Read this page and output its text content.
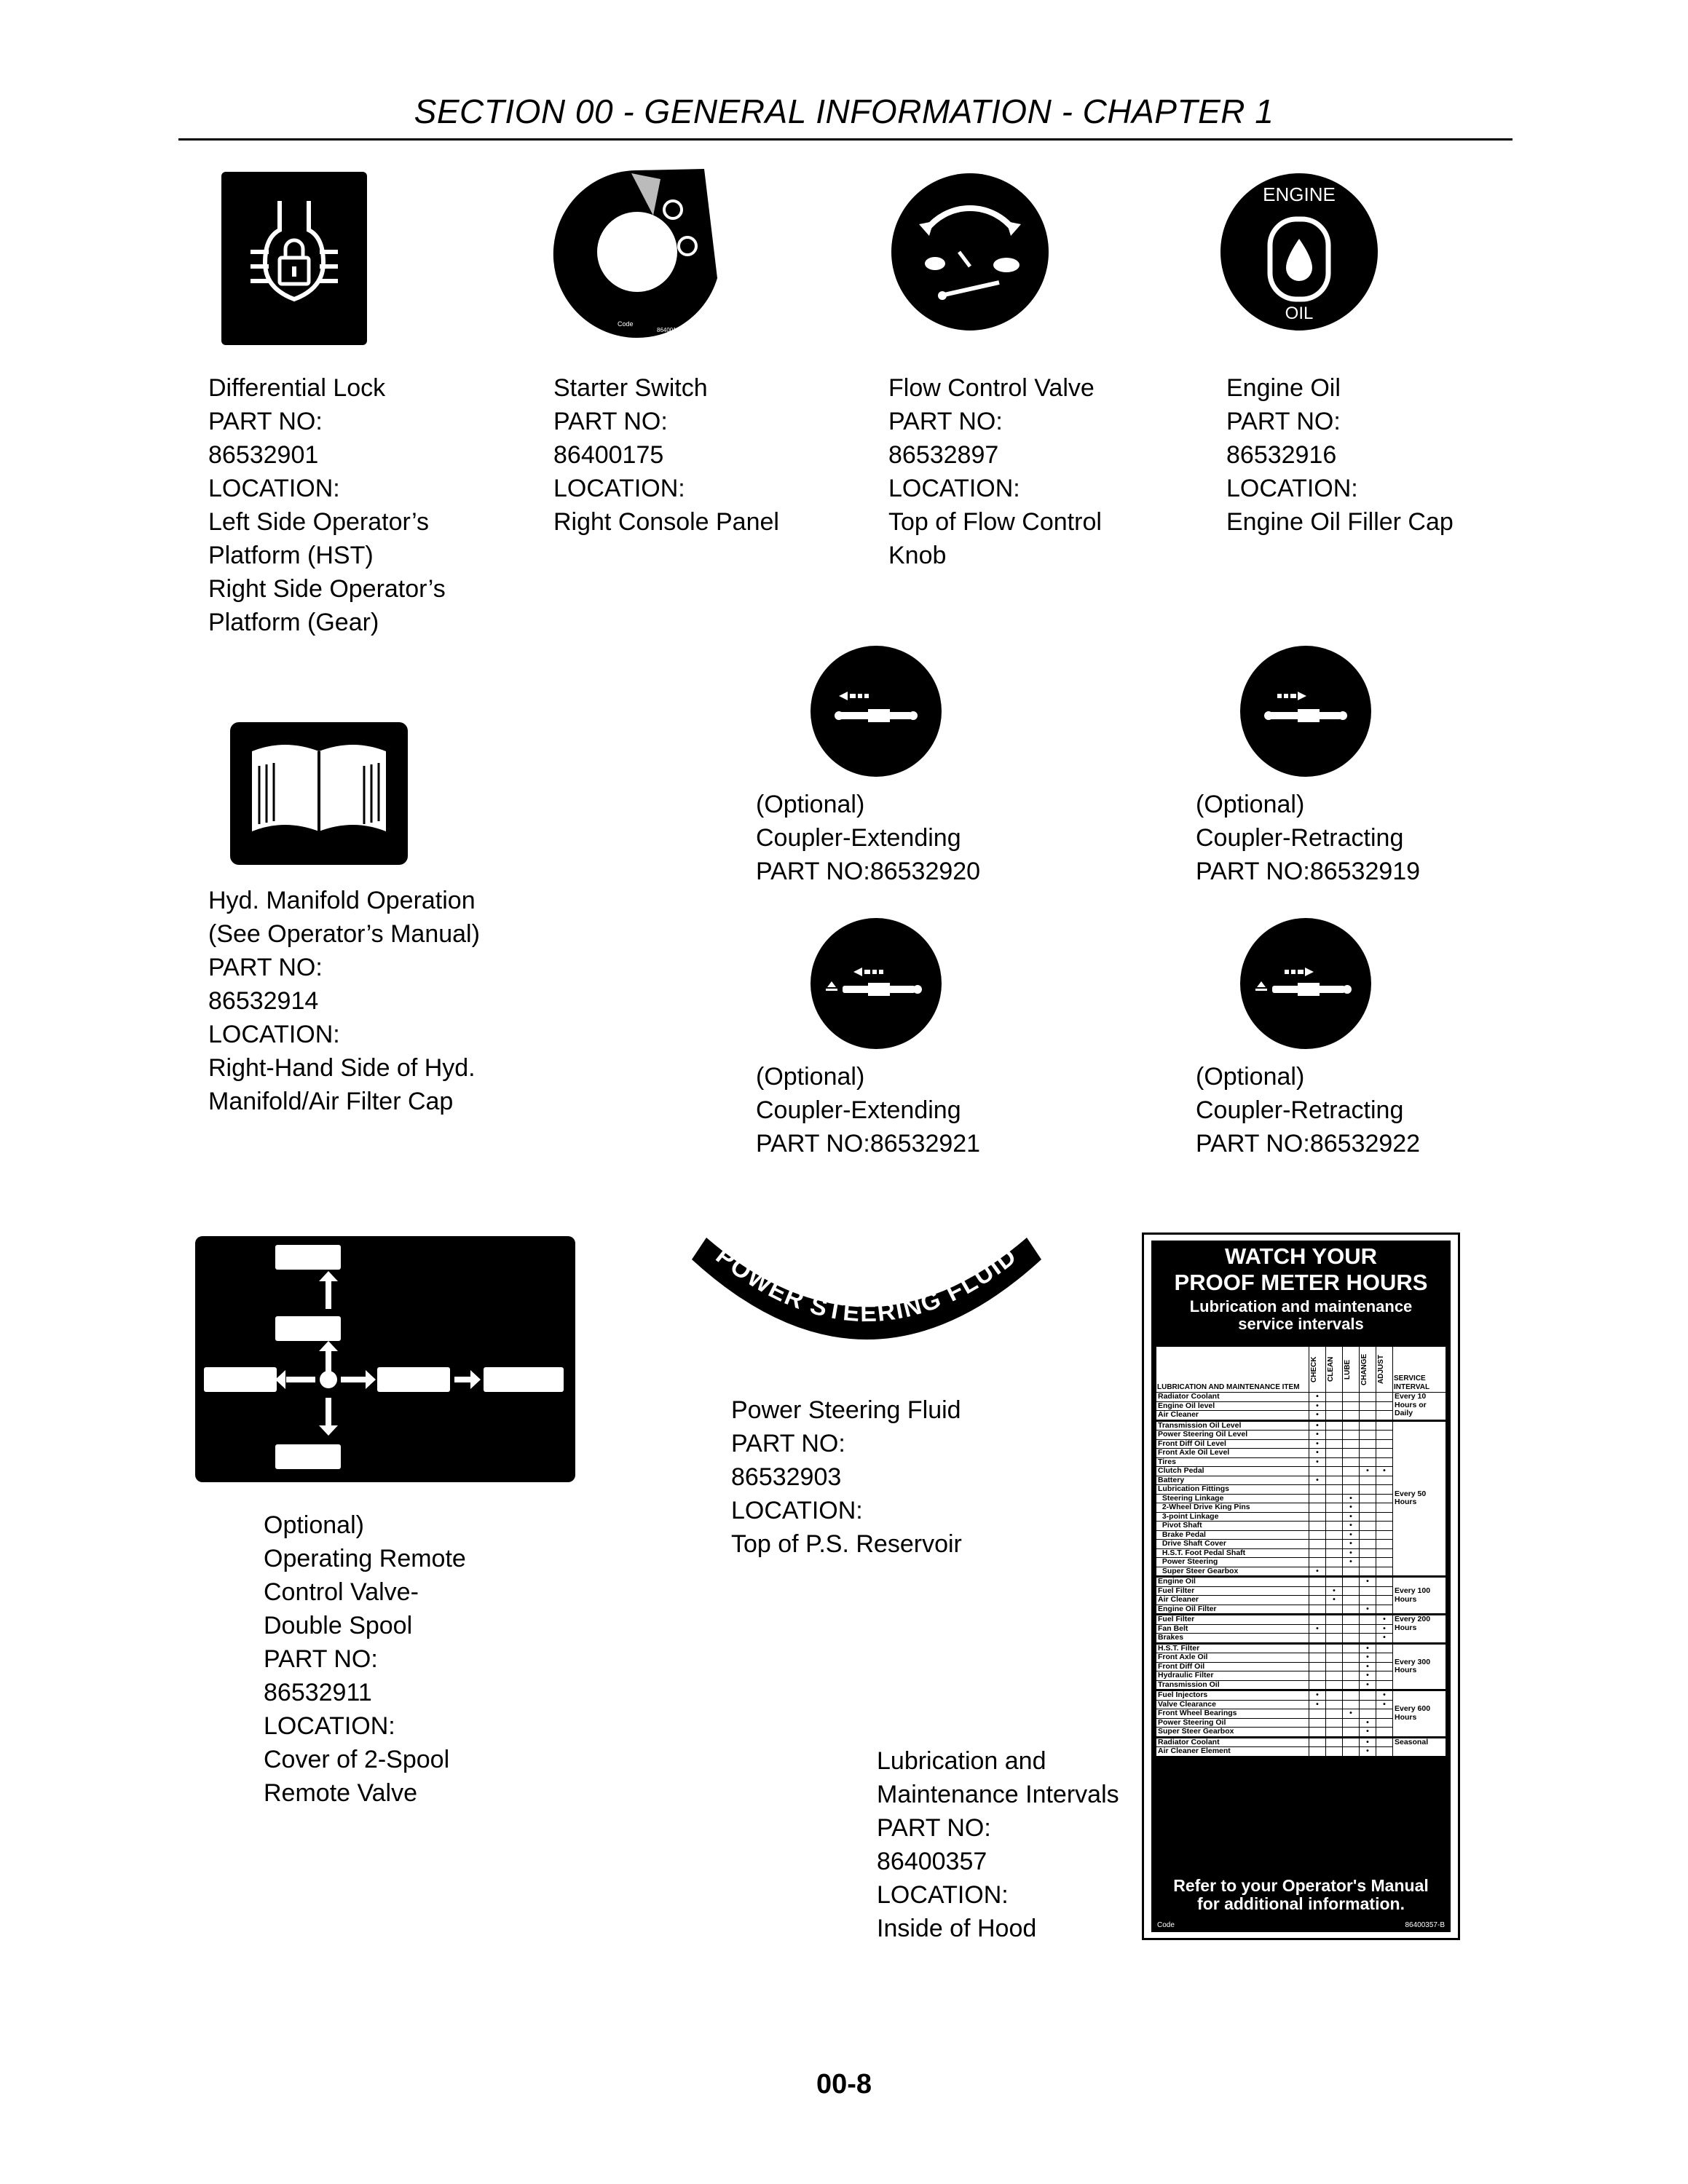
SECTION 00 - GENERAL INFORMATION - CHAPTER 1
Code
86400175-B
ENGINE
OIL
Differential Lock
PART NO:
86532901
LOCATION:
Left Side Operator’s
Platform (HST)
Right Side Operator’s
Platform (Gear)
Starter Switch
PART NO:
86400175
LOCATION:
Right Console Panel
Flow Control Valve
PART NO:
86532897
LOCATION:
Top of Flow Control
Knob
Engine Oil
PART NO:
86532916
LOCATION:
Engine Oil Filler Cap
(Optional)
Coupler-Extending
PART NO:86532920
(Optional)
Coupler-Retracting
PART NO:86532919
Hyd. Manifold Operation
(See Operator’s Manual)
PART NO:
86532914
LOCATION:
Right-Hand Side of Hyd.
Manifold/Air Filter Cap
(Optional)
Coupler-Extending
PART NO:86532921
(Optional)
Coupler-Retracting
PART NO:86532922
POWER STEERING FLUID
Power Steering Fluid
PART NO:
86532903
LOCATION:
Top of P.S. Reservoir
Optional)
Operating Remote
Control Valve-
Double Spool
PART NO:
86532911
LOCATION:
Cover of 2-Spool
Remote Valve
Lubrication and
Maintenance Intervals
PART NO:
86400357
LOCATION:
Inside of Hood
WATCH YOUR
PROOF METER HOURS
Lubrication and maintenance
service intervals
LUBRICATION AND MAINTENANCE ITEM	CHECK	CLEAN	LUBE	CHANGE	ADJUST	SERVICE INTERVAL
Radiator Coolant	•					Every 10 Hours or Daily
Engine Oil level	•					
Air Cleaner	•					
Transmission Oil Level	•					Every 50 Hours
Power Steering Oil Level	•					
Front Diff Oil Level	•					
Front Axle Oil Level	•					
Tires	•					
Clutch Pedal				•	•	
Battery	•					
Lubrication Fittings						
Steering Linkage			•			
2-Wheel Drive King Pins			•			
3-point Linkage			•			
Pivot Shaft			•			
Brake Pedal			•			
Drive Shaft Cover			•			
H.S.T. Foot Pedal Shaft			•			
Power Steering			•			
Super Steer Gearbox	•					
Engine Oil				•		Every 100 Hours
Fuel Filter		•				
Air Cleaner		•				
Engine Oil Filter				•		
Fuel Filter					•	Every 200 Hours
Fan Belt	•				•	
Brakes					•	
H.S.T. Filter				•		Every 300 Hours
Front Axle Oil				•		
Front Diff Oil				•		
Hydraulic Filter				•		
Transmission Oil				•		
Fuel Injectors	•				•	Every 600 Hours
Valve Clearance	•				•	
Front Wheel Bearings			•			
Power Steering Oil				•		
Super Steer Gearbox				•		
Radiator Coolant				•		Seasonal
Air Cleaner Element				•		
Refer to your Operator's Manual
for additional information.
Code	86400357-B
00-8
